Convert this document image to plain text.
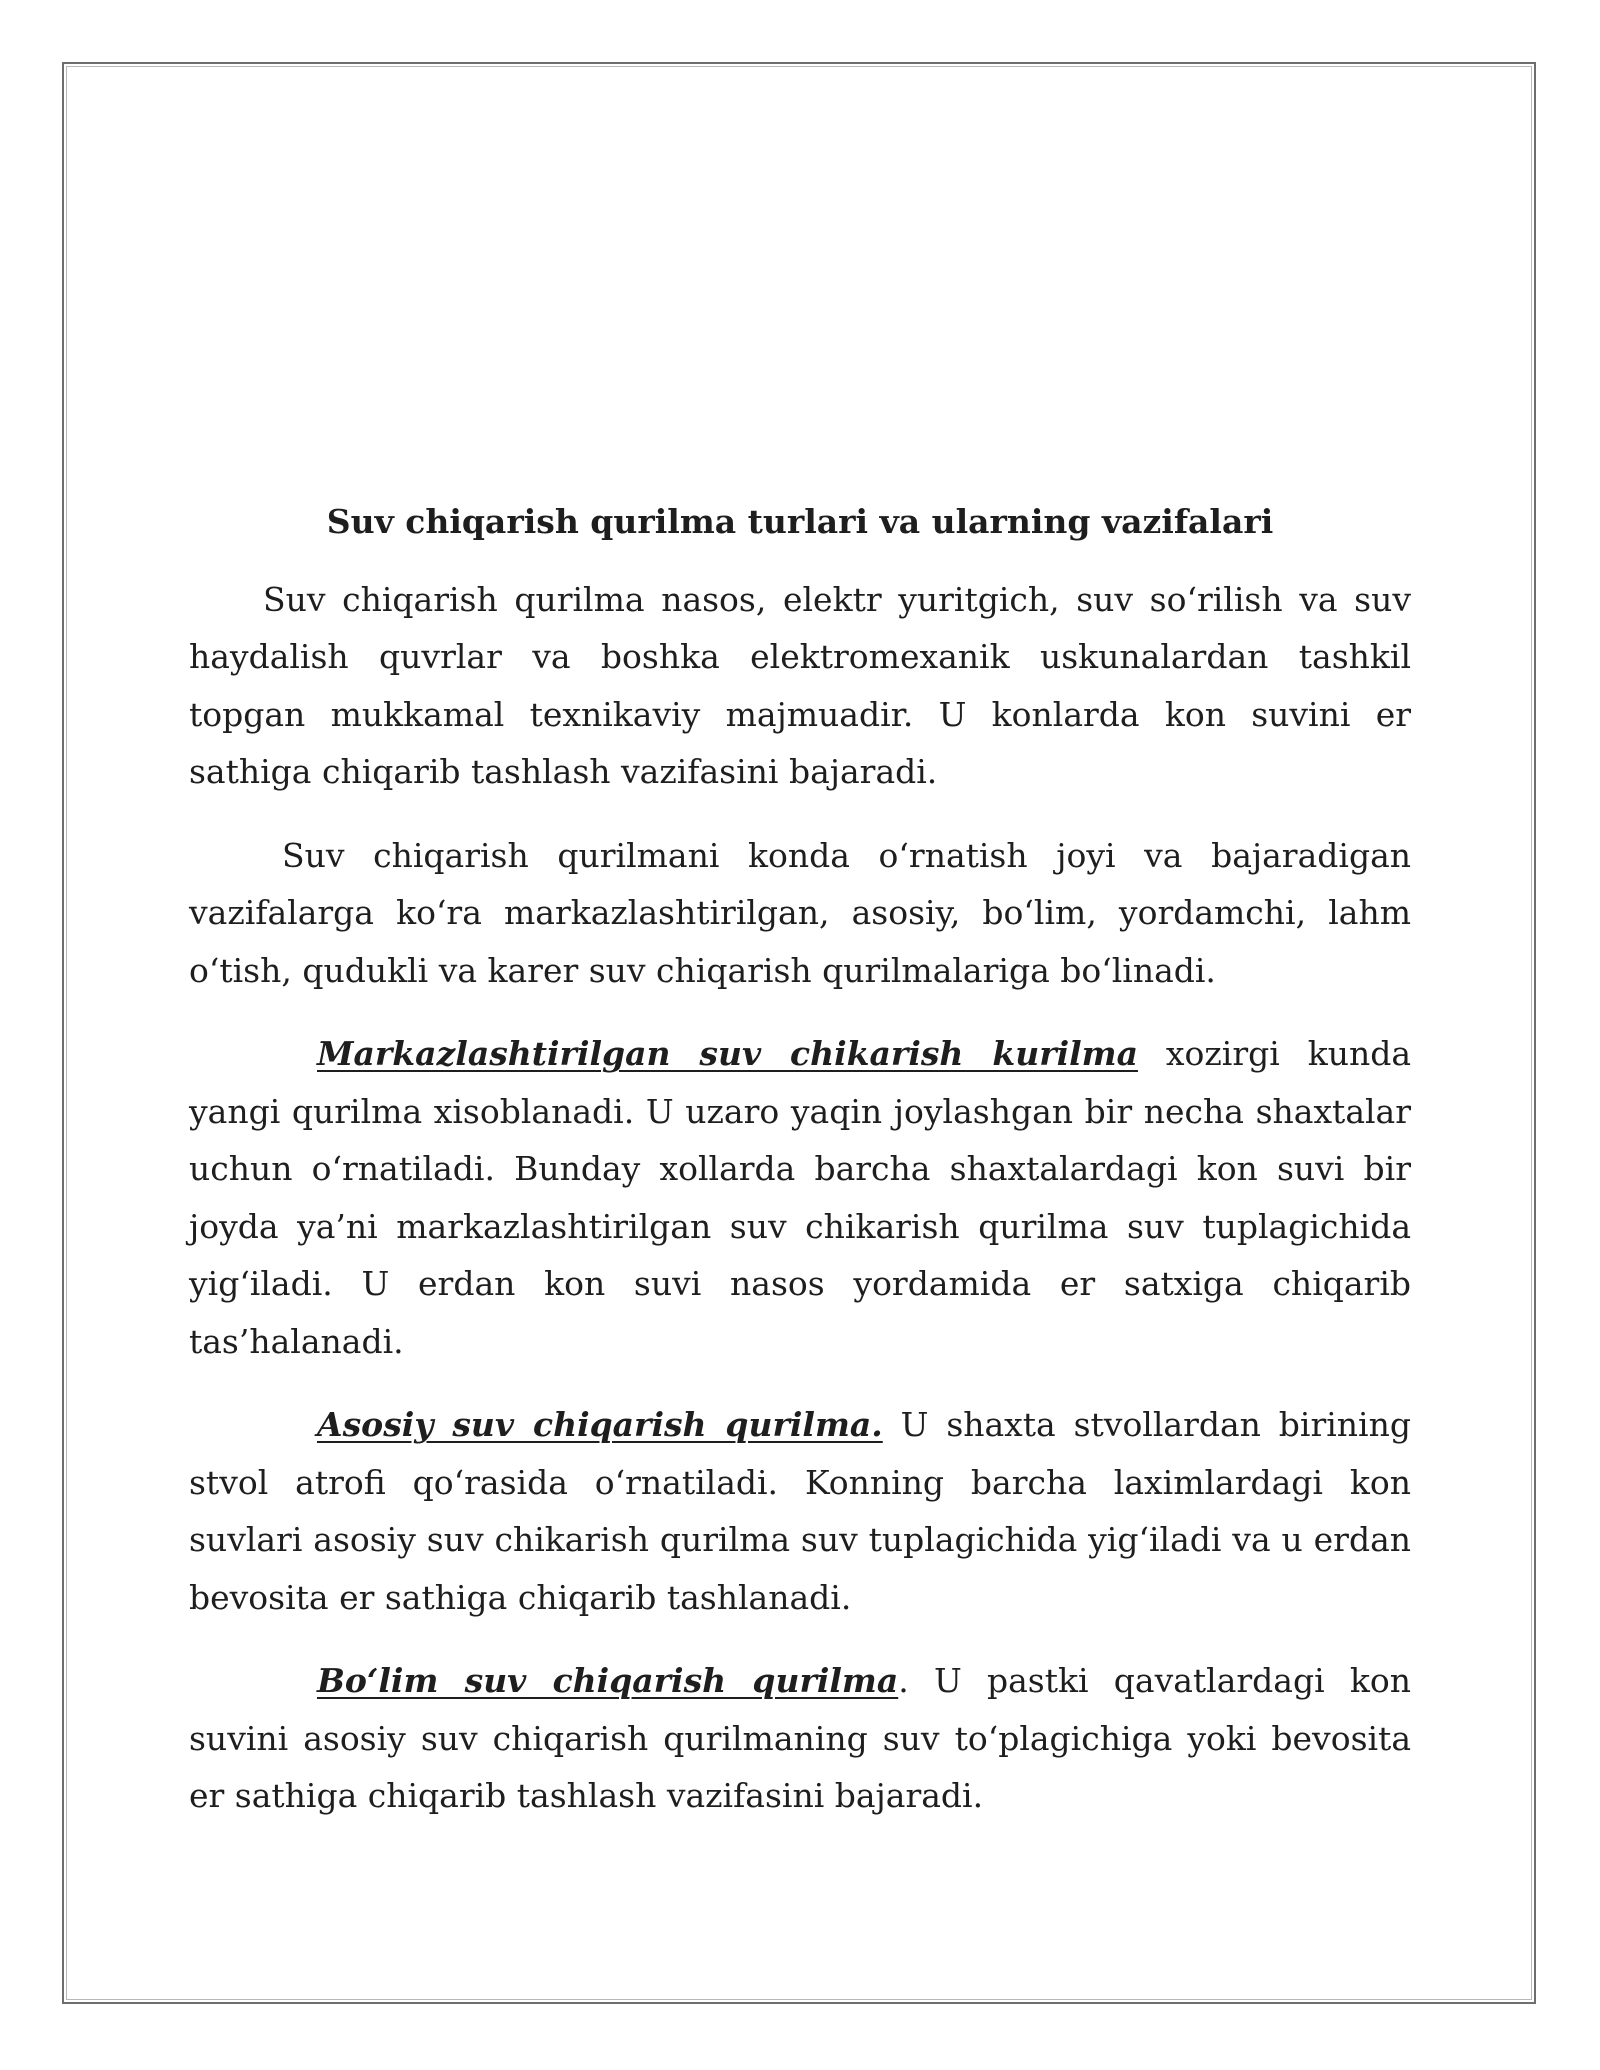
Suv chiqarish qurilma turlari va ularning vazifalari

Suv chiqarish qurilma nasos, elektr yuritgich, suv so‘rilish va suv haydalish quvrlar va boshka elektromexanik uskunalardan tashkil topgan mukkamal texnikaviy majmuadir. U konlarda kon suvini er sathiga chiqarib tashlash vazifasini bajaradi.

Suv chiqarish qurilmani konda o‘rnatish joyi va bajaradigan vazifalarga ko‘ra markazlashtirilgan, asosiy, bo‘lim, yordamchi, lahm o‘tish, qudukli va karer suv chiqarish qurilmalariga bo‘linadi.

Markazlashtirilgan suv chikarish kurilma xozirgi kunda yangi qurilma xisoblanadi. U uzaro yaqin joylashgan bir necha shaxtalar uchun o‘rnatiladi. Bunday xollarda barcha shaxtalardagi kon suvi bir joyda ya’ni markazlashtirilgan suv chikarish qurilma suv tuplagichida yig‘iladi. U erdan kon suvi nasos yordamida er satxiga chiqarib tas’halanadi.

Asosiy suv chiqarish qurilma. U shaxta stvollardan birining stvol atrofi qo‘rasida o‘rnatiladi. Konning barcha laximlardagi kon suvlari asosiy suv chikarish qurilma suv tuplagichida yig‘iladi va u erdan bevosita er sathiga chiqarib tashlanadi.

Bo‘lim suv chiqarish qurilma. U pastki qavatlardagi kon suvini asosiy suv chiqarish qurilmaning suv to‘plagichiga yoki bevosita er sathiga chiqarib tashlash vazifasini bajaradi.
